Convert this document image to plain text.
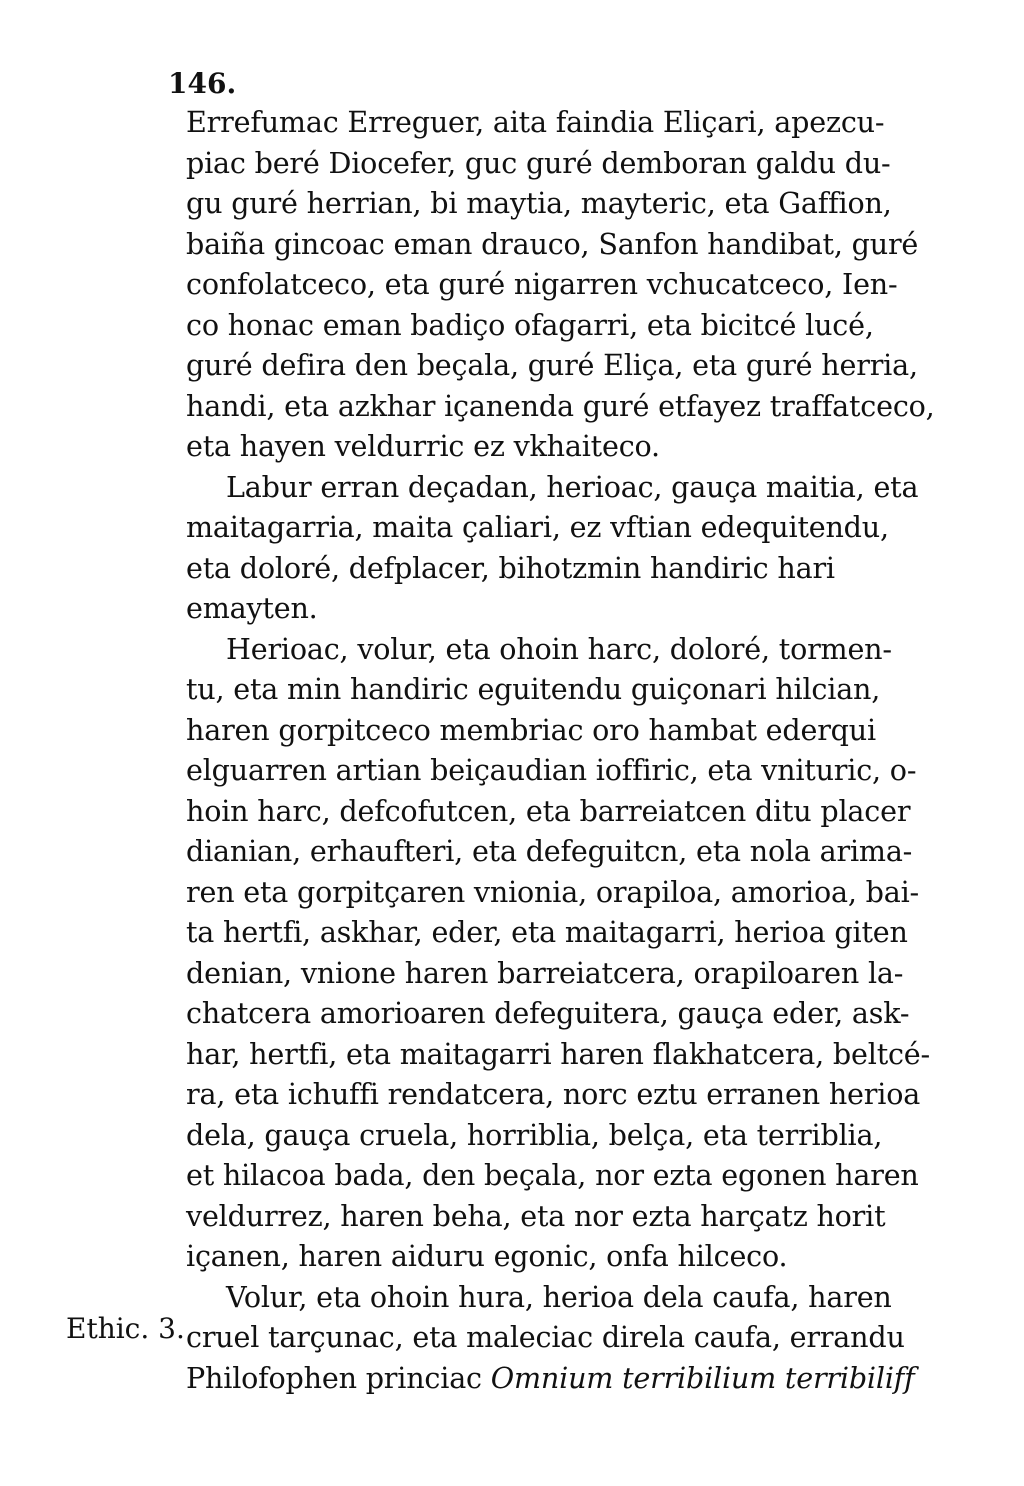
146.
Ethic. 3.
Errefumac Erreguer, aita faindia Eliçari, apezcu-
piac beré Diocefer, guc guré demboran galdu du-
gu guré herrian, bi maytia, mayteric, eta Gaffion,
baiña gincoac eman drauco, Sanfon handibat, guré
confolatceco, eta guré nigarren vchucatceco, Ien-
co honac eman badiço ofagarri, eta bicitcé lucé,
guré defira den beçala, guré Eliça, eta guré herria,
handi, eta azkhar içanenda guré etfayez traffatceco,
eta hayen veldurric ez vkhaiteco.
Labur erran deçadan, herioac, gauça maitia, eta
maitagarria, maita çaliari, ez vftian edequitendu,
eta doloré, defplacer, bihotzmin handiric hari
emayten.
Herioac, volur, eta ohoin harc, doloré, tormen-
tu, eta min handiric eguitendu guiçonari hilcian,
haren gorpitceco membriac oro hambat ederqui
elguarren artian beiçaudian ioffiric, eta vnituric, o-
hoin harc, defcofutcen, eta barreiatcen ditu placer
dianian, erhaufteri, eta defeguitcn, eta nola arima-
ren eta gorpitçaren vnionia, orapiloa, amorioa, bai-
ta hertfi, askhar, eder, eta maitagarri, herioa giten
denian, vnione haren barreiatcera, orapiloaren la-
chatcera amorioaren defeguitera, gauça eder, ask-
har, hertfi, eta maitagarri haren flakhatcera, beltcé-
ra, eta ichuffi rendatcera, norc eztu erranen herioa
dela, gauça cruela, horriblia, belça, eta terriblia,
et hilacoa bada, den beçala, nor ezta egonen haren
veldurrez, haren beha, eta nor ezta harçatz horit
içanen, haren aiduru egonic, onfa hilceco.
Volur, eta ohoin hura, herioa dela caufa, haren
cruel tarçunac, eta maleciac direla caufa, errandu
Philofophen princiac Omnium terribilium terribiliff
